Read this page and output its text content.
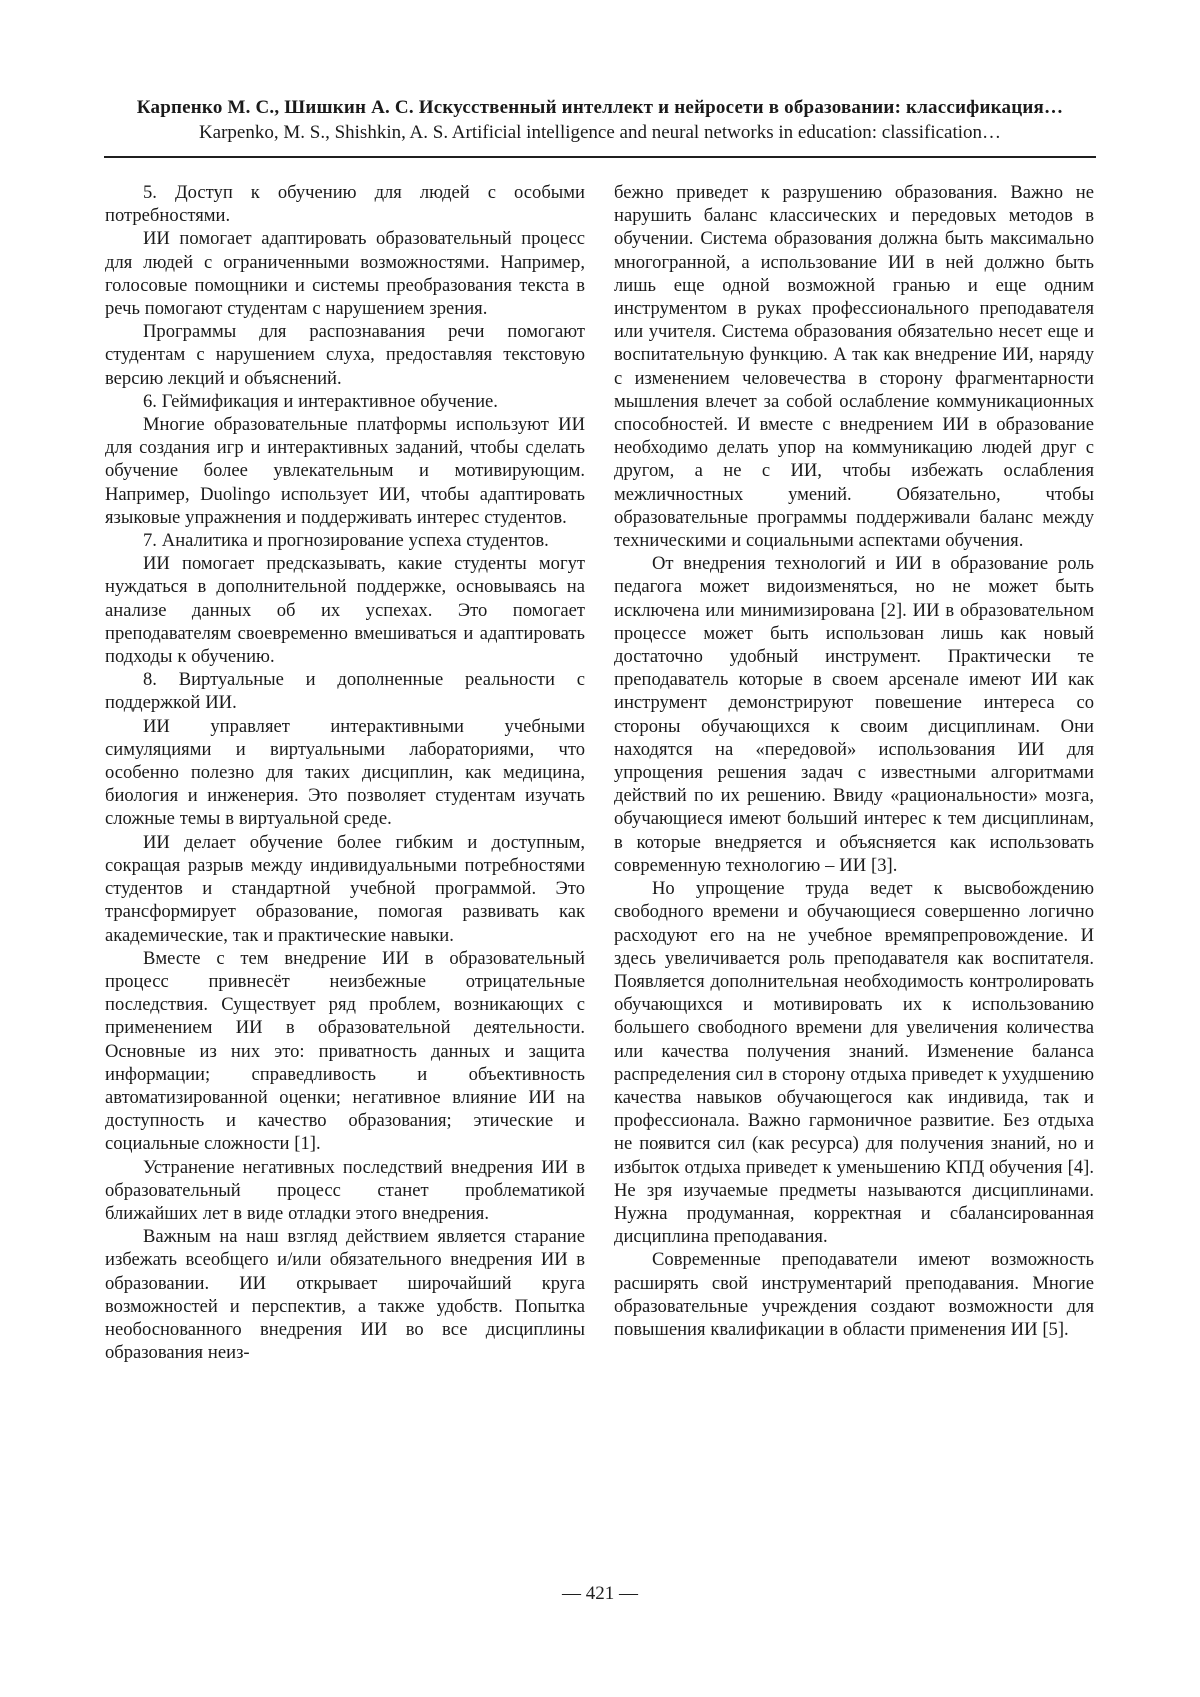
Карпенко М. С., Шишкин А. С. Искусственный интеллект и нейросети в образовании: классификация…
Karpenko, M. S., Shishkin, A. S. Artificial intelligence and neural networks in education: classification…

5. Доступ к обучению для людей с особыми потребностями.

ИИ помогает адаптировать образовательный процесс для людей с ограниченными возможностями. Например, голосовые помощники и системы преобразования текста в речь помогают студентам с нарушением зрения.

Программы для распознавания речи помогают студентам с нарушением слуха, предоставляя текстовую версию лекций и объяснений.

6. Геймификация и интерактивное обучение.

Многие образовательные платформы используют ИИ для создания игр и интерактивных заданий, чтобы сделать обучение более увлекательным и мотивирующим. Например, Duolingo использует ИИ, чтобы адаптировать языковые упражнения и поддерживать интерес студентов.

7. Аналитика и прогнозирование успеха студентов.

ИИ помогает предсказывать, какие студенты могут нуждаться в дополнительной поддержке, основываясь на анализе данных об их успехах. Это помогает преподавателям своевременно вмешиваться и адаптировать подходы к обучению.

8. Виртуальные и дополненные реальности с поддержкой ИИ.

ИИ управляет интерактивными учебными симуляциями и виртуальными лабораториями, что особенно полезно для таких дисциплин, как медицина, биология и инженерия. Это позволяет студентам изучать сложные темы в виртуальной среде.

ИИ делает обучение более гибким и доступным, сокращая разрыв между индивидуальными потребностями студентов и стандартной учебной программой. Это трансформирует образование, помогая развивать как академические, так и практические навыки.

Вместе с тем внедрение ИИ в образовательный процесс привнесёт неизбежные отрицательные последствия. Существует ряд проблем, возникающих с применением ИИ в образовательной деятельности. Основные из них это: приватность данных и защита информации; справедливость и объективность автоматизированной оценки; негативное влияние ИИ на доступность и качество образования; этические и социальные сложности [1].

Устранение негативных последствий внедрения ИИ в образовательный процесс станет проблематикой ближайших лет в виде отладки этого внедрения.

Важным на наш взгляд действием является старание избежать всеобщего и/или обязательного внедрения ИИ в образовании. ИИ открывает широчайший круга возможностей и перспектив, а также удобств. Попытка необоснованного внедрения ИИ во все дисциплины образования неиз-

бежно приведет к разрушению образования. Важно не нарушить баланс классических и передовых методов в обучении. Система образования должна быть максимально многогранной, а использование ИИ в ней должно быть лишь еще одной возможной гранью и еще одним инструментом в руках профессионального преподавателя или учителя. Система образования обязательно несет еще и воспитательную функцию. А так как внедрение ИИ, наряду с изменением человечества в сторону фрагментарности мышления влечет за собой ослабление коммуникационных способностей. И вместе с внедрением ИИ в образование необходимо делать упор на коммуникацию людей друг с другом, а не с ИИ, чтобы избежать ослабления межличностных умений. Обязательно, чтобы образовательные программы поддерживали баланс между техническими и социальными аспектами обучения.

От внедрения технологий и ИИ в образование роль педагога может видоизменяться, но не может быть исключена или минимизирована [2]. ИИ в образовательном процессе может быть использован лишь как новый достаточно удобный инструмент. Практически те преподаватель которые в своем арсенале имеют ИИ как инструмент демонстрируют повешение интереса со стороны обучающихся к своим дисциплинам. Они находятся на «передовой» использования ИИ для упрощения решения задач с известными алгоритмами действий по их решению. Ввиду «рациональности» мозга, обучающиеся имеют больший интерес к тем дисциплинам, в которые внедряется и объясняется как использовать современную технологию – ИИ [3].

Но упрощение труда ведет к высвобождению свободного времени и обучающиеся совершенно логично расходуют его на не учебное времяпрепровождение. И здесь увеличивается роль преподавателя как воспитателя. Появляется дополнительная необходимость контролировать обучающихся и мотивировать их к использованию большего свободного времени для увеличения количества или качества получения знаний. Изменение баланса распределения сил в сторону отдыха приведет к ухудшению качества навыков обучающегося как индивида, так и профессионала. Важно гармоничное развитие. Без отдыха не появится сил (как ресурса) для получения знаний, но и избыток отдыха приведет к уменьшению КПД обучения [4]. Не зря изучаемые предметы называются дисциплинами. Нужна продуманная, корректная и сбалансированная дисциплина преподавания.

Современные преподаватели имеют возможность расширять свой инструментарий преподавания. Многие образовательные учреждения создают возможности для повышения квалификации в области применения ИИ [5].

— 421 —
